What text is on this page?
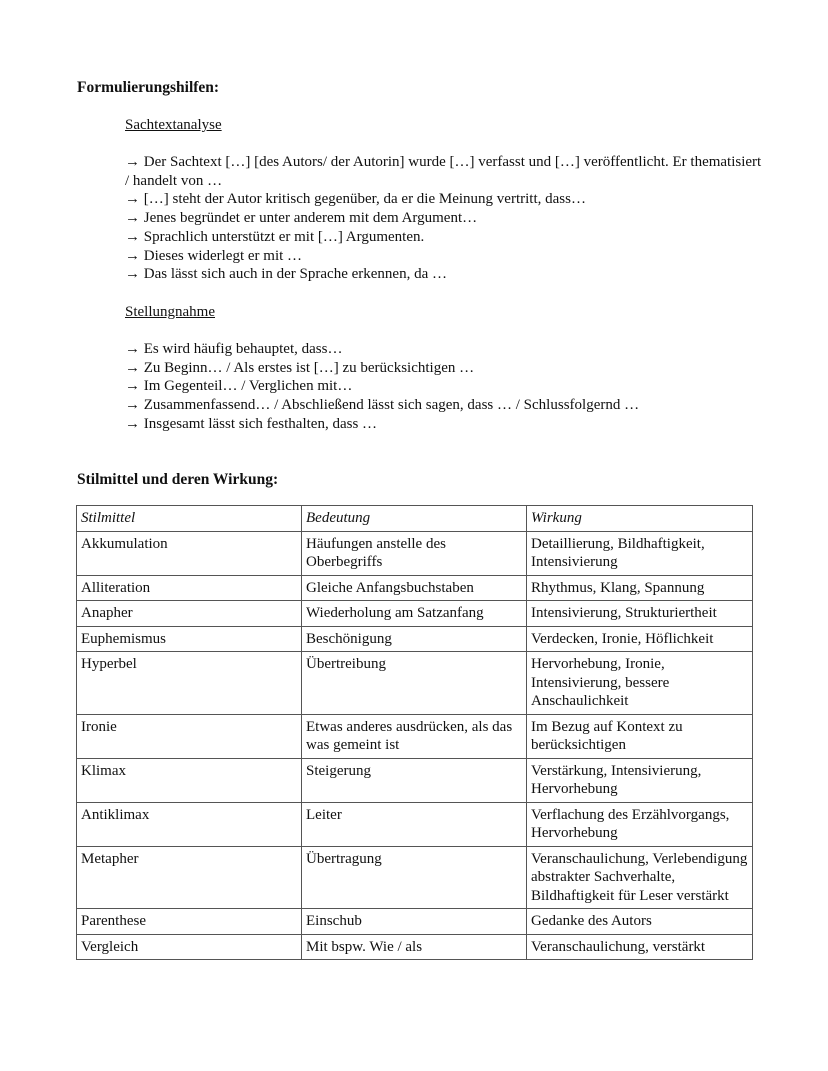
Formulierungshilfen:
Sachtextanalyse
→ Der Sachtext […] [des Autors/ der Autorin] wurde […] verfasst und […] veröffentlicht. Er thematisiert / handelt von …
→ […] steht der Autor kritisch gegenüber, da er die Meinung vertritt, dass…
→ Jenes begründet er unter anderem mit dem Argument…
→ Sprachlich unterstützt er mit […] Argumenten.
→ Dieses widerlegt er mit …
→ Das lässt sich auch in der Sprache erkennen, da …
Stellungnahme
→ Es wird häufig behauptet, dass…
→ Zu Beginn… / Als erstes ist […] zu berücksichtigen …
→ Im Gegenteil… / Verglichen mit…
→ Zusammenfassend… / Abschließend lässt sich sagen, dass … / Schlussfolgernd …
→ Insgesamt lässt sich festhalten, dass …
Stilmittel und deren Wirkung:
Stilmittel	Bedeutung	Wirkung
Akkumulation	Häufungen anstelle des Oberbegriffs	Detaillierung, Bildhaftigkeit, Intensivierung
Alliteration	Gleiche Anfangsbuchstaben	Rhythmus, Klang, Spannung
Anapher	Wiederholung am Satzanfang	Intensivierung, Strukturiertheit
Euphemismus	Beschönigung	Verdecken, Ironie, Höflichkeit
Hyperbel	Übertreibung	Hervorhebung, Ironie, Intensivierung, bessere Anschaulichkeit
Ironie	Etwas anderes ausdrücken, als das was gemeint ist	Im Bezug auf Kontext zu berücksichtigen
Klimax	Steigerung	Verstärkung, Intensivierung, Hervorhebung
Antiklimax	Leiter	Verflachung des Erzählvorgangs, Hervorhebung
Metapher	Übertragung	Veranschaulichung, Verlebendigung abstrakter Sachverhalte, Bildhaftigkeit für Leser verstärkt
Parenthese	Einschub	Gedanke des Autors
Vergleich	Mit bspw. Wie / als	Veranschaulichung, verstärkt
